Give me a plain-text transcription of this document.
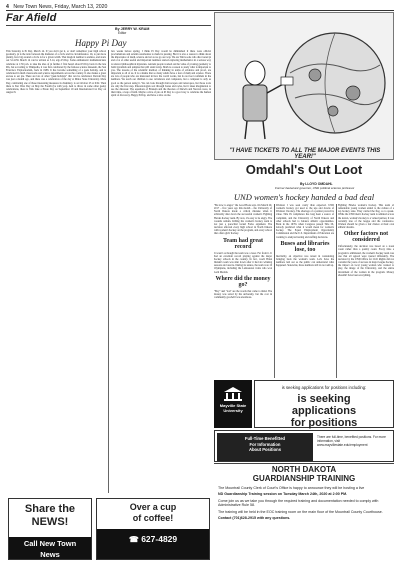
4 New Town News, Friday, March 13, 2020
Far Afield
By JERRY W. KRAM
Editor
Happy Pi Day
This Saturday is Pi Day, March 14. If you don't get it, or don't remember your high school geometry, pi is the ratio between the diameter of a circle and its circumference. Or, to put more plainly, how big around a circle is for a given width. That magical number is endless, and starts out 3.14159. March 14 can be written as 3.14, ergo Pi Day. Some enthusiastic mathematicians celebrate at 1:59 p.m. to take the idea of pi further. I first heard about Pi Day back in the late 90s, but according to Wikipedia, it was first celebrated by the famous science museum, the San Francisco Exploratorium, back in 1988. It has become something of a geek holiday, and is celebrated in math classrooms and science departments across the country. It also makes a great excuse to eat pie. There are lots of other "geek holidays" that can be celebrated. Darwin Day was just a month ago, and there was a celebration of the day at Minot State University. Mole Day, celebrating one of those interesting measures in chemistry, is on October 23 at 6:02. Then there is Star Wars Day on May the Fourth (be with you). And to throw in some other geeky celebrations, there is Talk Like a Pirate Day on September 19 and International Cat Day on August 8.
few weeks before spring, I think Pi Day would be diminished if there were official proclamations and solemn ceremonies to mark its passing. But it is also a reason to think about the importance of math, science and art as we go our way. We are Tim Goode who discovered pi and a lot of other useful and important numbers started exploring mathematics in a serious way to unravel philosophical mysteries. Ancient people worked out the value of pi using geometry to build pyramids and temples that still stand today. Math is a reason to study what is important to you. The lessons of the scientific method, of thinking in terms of evidence and proof, are important to all of us. It is a shame that so many adults have a fear of math and science. There are lots of people who are interested in how the world works, but do not feel confident in the numbers. We teach our children to use calculators and computers, but a computer is only as good as the person using it. We can look through microscopes and telescopes, but those tools are only the first step. Paleontologists sort through bones and rocks, but it takes imagination to see the dinosaur. The equations of Einstein and the theories of Darwin and Newton were, in their time, a leap of faith. Maybe a slice of pie on Pi Day is a good way to celebrate the human spirit of discovery. Happy Pi Day, and have a slice on me.
"I HAVE TICKETS TO ALL THE MAJOR EVENTS THIS YEAR!"
Omdahl's Out Loot
By LLOYD OMDAHL
Former lieutenant governor, UND political science professor
UND women's hockey handed a bad deal
"Be slow to anger," the Good Book says. On March 29, 2017 – five years ago this month – the University of North Dakota made a critical mistake when it arbitrarily shut down the successful women's Fighting Hawks hockey team. By now, it's easy to be angry. The wounds remain. Killing the women's hockey team is not just a parochial Grand Forks argument. The decision affected every high school in North Dakota with women's hockey on the program, and every school that offers girls' hockey.
Team had great record
It wasn't as though the team was a loser. Far from it. It had an excellent record playing against the major hockey schools in the country. In fact, coach Brian Idalski's team was shut down after it had six winning seasons and one tie. During its tenure, the team won 10 Olympians, including the Lamoureux twins who won Gold Medals.
Where did the money go?
"Boy" and "lost" are the words that come to mind. The money was saved by the university, but the cost in community goodwill was enormous.
Division I was seen costly than expected. UND women's hockey got used to the ups and downs of Division I hockey. The shortage of a partner proved its value. Title IX compliance has long been a source of complaint, and the University of North Dakota and other schools had to balance athletic opportunities. Back in the 1970s when Congress passed Title IX, nobody predicted what it would mean for women's hockey. The Equal Employment Opportunity Commission and the U.S. Department of Education are working to analyze hosting and staffing decisions.
Buses and libraries lose, too
Inevitably, an objective was raised in considering bringing back the women's team. Let's have the numbers laid out so the public can understand what happened. Statewide, those numbers still do not add up.
Fighting Hawks women's hockey. This team of remarkable young women added to the culture of a top hockey state. They carried the flag, so to speak. While the UND men's hockey team is admired across the nation, women's hockey is a valued partner. It was certainly true of the league and the conference. Women should be given a fair chance at their own athletic dreams.
Other factors not considered
Unfortunately, the decision was based on a noun count rather than a quality count. Every time a program is eliminated, the women's hockey team was one that all agreed were treated differently. The decision by the UND Office for Civil Rights did not consider the years of success in major league hockey, the impact on local young women who wanted to play, the image of the University, and the entire investment of the women in the program. Money shouldn't have been everything.
Mayville State University
is seeking applications for positions including:
is seeking
applications
for positions
Full-Time Benefitted
For Information
About Positions
There are full-time, benefited positions. For more information, visit www.mayvillestate.edu/employment
NORTH DAKOTA
GUARDIANSHIP TRAINING

The Mountrail County Clerk of Court's Office is happy to announce they will be hosting a live

ND Guardianship Training session on Tuesday March 24th, 2020 at 2:00 PM.

Come join us as we take you through the required training and documentation needed to comply with Administrative Rule 58.

The training will be held in the EOC training room on the main floor of the Mountrail County Courthouse.

Contact (701)628-2915 with any questions.

Share the
NEWS!
Call New Town
News
Over a cup
of coffee!
☎ 627-4829
